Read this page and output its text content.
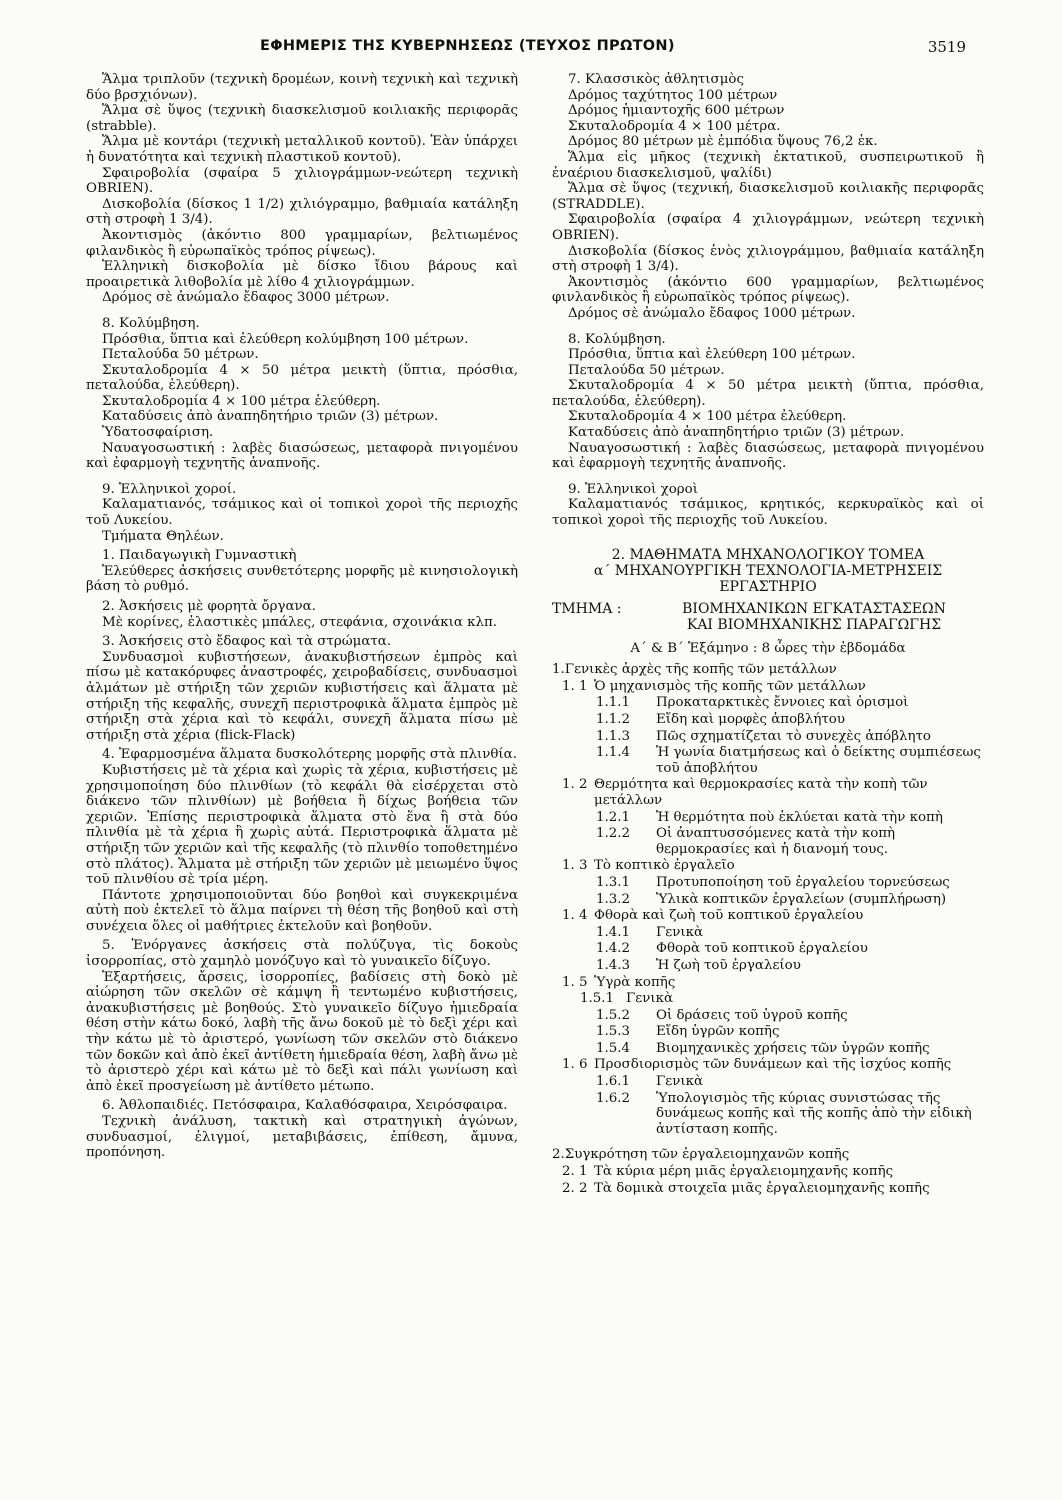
ΕΦΗΜΕΡΙΣ ΤΗΣ ΚΥΒΕΡΝΗΣΕΩΣ (ΤΕΥΧΟΣ ΠΡΩΤΟΝ)	3519

Ἅλμα τριπλοῦν (τεχνικὴ δρομέων, κοινὴ τεχνικὴ καὶ τεχνικὴ δύο βρσχιόνων).

Ἅλμα σὲ ὕψος (τεχνικὴ διασκελισμοῦ κοιλιακῆς περιφορᾶς (strabble).

Ἅλμα μὲ κοντάρι (τεχνικὴ μεταλλικοῦ κοντοῦ). Ἐὰν ὑπάρχει ἡ δυνατότητα καὶ τεχνικὴ πλαστικοῦ κοντοῦ).

Σφαιροβολία (σφαίρα 5 χιλιογράμμων-νεώτερη τεχνικὴ OBRIEN).

Δισκοβολία (δίσκος 1 1/2) χιλιόγραμμο, βαθμιαία κατάληξη στὴ στροφὴ 1 3/4).

Ἀκοντισμὸς (ἀκόντιο 800 γραμμαρίων, βελτιωμένος φιλανδικὸς ἢ εὐρωπαϊκὸς τρόπος ρίψεως).

Ἑλληνικὴ δισκοβολία μὲ δίσκο ἴδιου βάρους καὶ προαιρετικὰ λιθοβολία μὲ λίθο 4 χιλιογράμμων.

Δρόμος σὲ ἀνώμαλο ἔδαφος 3000 μέτρων.

8. Κολύμβηση.

Πρόσθια, ὕπτια καὶ ἐλεύθερη κολύμβηση 100 μέτρων.

Πεταλούδα 50 μέτρων.

Σκυταλοδρομία 4 × 50 μέτρα μεικτὴ (ὕπτια, πρόσθια, πεταλούδα, ἐλεύθερη).

Σκυταλοδρομία 4 × 100 μέτρα ἐλεύθερη.

Καταδύσεις ἀπὸ ἀναπηδητήριο τριῶν (3) μέτρων.

Ὑδατοσφαίριση.

Ναυαγοσωστική : λαβὲς διασώσεως, μεταφορὰ πνιγομένου καὶ ἐφαρμογὴ τεχνητῆς ἀναπνοῆς.

9. Ἑλληνικοὶ χοροί.

Καλαματιανός, τσάμικος καὶ οἱ τοπικοὶ χοροὶ τῆς περιοχῆς τοῦ Λυκείου.

Τμήματα Θηλέων.

1. Παιδαγωγικὴ Γυμναστικὴ

Ἐλεύθερες ἀσκήσεις συνθετότερης μορφῆς μὲ κινησιολογικὴ βάση τὸ ρυθμό.

2. Ἀσκήσεις μὲ φορητὰ ὄργανα.

Μὲ κορίνες, ἐλαστικὲς μπάλες, στεφάνια, σχοινάκια κλπ.

3. Ἀσκήσεις στὸ ἔδαφος καὶ τὰ στρώματα.

Συνδυασμοὶ κυβιστήσεων, ἀνακυβιστήσεων ἐμπρὸς καὶ πίσω μὲ κατακόρυφες ἀναστροφές, χειροβαδίσεις, συνδυασμοὶ ἁλμάτων μὲ στήριξη τῶν χεριῶν κυβιστήσεις καὶ ἅλματα μὲ στήριξη τῆς κεφαλῆς, συνεχῆ περιστροφικὰ ἅλματα ἐμπρὸς μὲ στήριξη στὰ χέρια καὶ τὸ κεφάλι, συνεχῆ ἅλματα πίσω μὲ στήριξη στὰ χέρια (flick-Flack)

4. Ἐφαρμοσμένα ἅλματα δυσκολότερης μορφῆς στὰ πλινθία.

Κυβιστήσεις μὲ τὰ χέρια καὶ χωρὶς τὰ χέρια, κυβιστήσεις μὲ χρησιμοποίηση δύο πλινθίων (τὸ κεφάλι θὰ εἰσέρχεται στὸ διάκενο τῶν πλινθίων) μὲ βοήθεια ἢ δίχως βοήθεια τῶν χεριῶν. Ἐπίσης περιστροφικὰ ἅλματα στὸ ἕνα ἢ στὰ δύο πλινθία μὲ τὰ χέρια ἢ χωρὶς αὐτά. Περιστροφικὰ ἅλματα μὲ στήριξη τῶν χεριῶν καὶ τῆς κεφαλῆς (τὸ πλινθίο τοποθετημένο στὸ πλάτος). Ἅλματα μὲ στήριξη τῶν χεριῶν μὲ μειωμένο ὕψος τοῦ πλινθίου σὲ τρία μέρη.

Πάντοτε χρησιμοποιοῦνται δύο βοηθοὶ καὶ συγκεκριμένα αὐτὴ ποὺ ἐκτελεῖ τὸ ἅλμα παίρνει τὴ θέση τῆς βοηθοῦ καὶ στὴ συνέχεια ὅλες οἱ μαθήτριες ἐκτελοῦν καὶ βοηθοῦν.

5. Ἐνόργανες ἀσκήσεις στὰ πολύζυγα, τὶς δοκοὺς ἰσορροπίας, στὸ χαμηλὸ μονόζυγο καὶ τὸ γυναικεῖο δίζυγο.

Ἐξαρτήσεις, ἄρσεις, ἰσορροπίες, βαδίσεις στὴ δοκὸ μὲ αἰώρηση τῶν σκελῶν σὲ κάμψη ἢ τεντωμένο κυβιστήσεις, ἀνακυβιστήσεις μὲ βοηθούς. Στὸ γυναικεῖο δίζυγο ἡμιεδραία θέση στὴν κάτω δοκό, λαβὴ τῆς ἄνω δοκοῦ μὲ τὸ δεξὶ χέρι καὶ τὴν κάτω μὲ τὸ ἀριστερό, γωνίωση τῶν σκελῶν στὸ διάκενο τῶν δοκῶν καὶ ἀπὸ ἐκεῖ ἀντίθετη ἡμιεδραία θέση, λαβὴ ἄνω μὲ τὸ ἀριστερὸ χέρι καὶ κάτω μὲ τὸ δεξὶ καὶ πάλι γωνίωση καὶ ἀπὸ ἐκεῖ προσγείωση μὲ ἀντίθετο μέτωπο.

6. Ἀθλοπαιδιές. Πετόσφαιρα, Καλαθόσφαιρα, Χειρόσφαιρα.

Τεχνικὴ ἀνάλυση, τακτικὴ καὶ στρατηγικὴ ἀγώνων, συνδυασμοί, ἐλιγμοί, μεταβιβάσεις, ἐπίθεση, ἄμυνα, προπόνηση.

7. Κλασσικὸς ἀθλητισμὸς

Δρόμος ταχύτητος 100 μέτρων

Δρόμος ἡμιαντοχῆς 600 μέτρων

Σκυταλοδρομία 4 × 100 μέτρα.

Δρόμος 80 μέτρων μὲ ἐμπόδια ὕψους 76,2 ἑκ.

Ἅλμα εἰς μῆκος (τεχνικὴ ἐκτατικοῦ, συσπειρωτικοῦ ἢ ἐναέριου διασκελισμοῦ, ψαλίδι)

Ἅλμα σὲ ὕψος (τεχνική, διασκελισμοῦ κοιλιακῆς περιφορᾶς (STRADDLE).

Σφαιροβολία (σφαίρα 4 χιλιογράμμων, νεώτερη τεχνικὴ OBRIEN).

Δισκοβολία (δίσκος ἑνὸς χιλιογράμμου, βαθμιαία κατάληξη στὴ στροφὴ 1 3/4).

Ἀκοντισμὸς (ἀκόντιο 600 γραμμαρίων, βελτιωμένος φινλανδικὸς ἢ εὐρωπαϊκὸς τρόπος ρίψεως).

Δρόμος σὲ ἀνώμαλο ἔδαφος 1000 μέτρων.

8. Κολύμβηση.

Πρόσθια, ὕπτια καὶ ἐλεύθερη 100 μέτρων.

Πεταλούδα 50 μέτρων.

Σκυταλοδρομία 4 × 50 μέτρα μεικτὴ (ὕπτια, πρόσθια, πεταλούδα, ἐλεύθερη).

Σκυταλοδρομία 4 × 100 μέτρα ἐλεύθερη.

Καταδύσεις ἀπὸ ἀναπηδητήριο τριῶν (3) μέτρων.

Ναυαγοσωστική : λαβὲς διασώσεως, μεταφορὰ πνιγομένου καὶ ἐφαρμογὴ τεχνητῆς ἀναπνοῆς.

9. Ἑλληνικοὶ χοροὶ

Καλαματιανός τσάμικος, κρητικός, κερκυραϊκὸς καὶ οἱ τοπικοὶ χοροὶ τῆς περιοχῆς τοῦ Λυκείου.

2. ΜΑΘΗΜΑΤΑ ΜΗΧΑΝΟΛΟΓΙΚΟΥ ΤΟΜΕΑ
α΄ ΜΗΧΑΝΟΥΡΓΙΚΗ ΤΕΧΝΟΛΟΓΙΑ-ΜΕΤΡΗΣΕΙΣ
ΕΡΓΑΣΤΗΡΙΟ
ΤΜΗΜΑ :	ΒΙΟΜΗΧΑΝΙΚΩΝ ΕΓΚΑΤΑΣΤΑΣΕΩΝ
ΚΑΙ ΒΙΟΜΗΧΑΝΙΚΗΣ ΠΑΡΑΓΩΓΗΣ
Α΄ & Β΄ Ἑξάμηνο : 8 ὧρες τὴν ἑβδομάδα
1. Γενικὲς ἀρχὲς τῆς κοπῆς τῶν μετάλλων
1. 1 Ὁ μηχανισμὸς τῆς κοπῆς τῶν μετάλλων
1.1.1	Προκαταρκτικὲς ἔννοιες καὶ ὁρισμοὶ
1.1.2	Εἴδη καὶ μορφὲς ἀποβλήτου
1.1.3	Πῶς σχηματίζεται τὸ συνεχὲς ἀπόβλητο
1.1.4	Ἡ γωνία διατμήσεως καὶ ὁ δείκτης συμπιέσεως τοῦ ἀποβλήτου
1. 2 Θερμότητα καὶ θερμοκρασίες κατὰ τὴν κοπὴ τῶν μετάλλων
1.2.1	Ἡ θερμότητα ποὺ ἐκλύεται κατὰ τὴν κοπὴ
1.2.2	Οἱ ἀναπτυσσόμενες κατὰ τὴν κοπὴ θερμοκρασίες καὶ ἡ διανομή τους.
1. 3 Τὸ κοπτικὸ ἐργαλεῖο
1.3.1	Προτυποποίηση τοῦ ἐργαλείου τορνεύσεως
1.3.2	Ὑλικὰ κοπτικῶν ἐργαλείων (συμπλήρωση)
1. 4 Φθορὰ καὶ ζωὴ τοῦ κοπτικοῦ ἐργαλείου
1.4.1	Γενικὰ
1.4.2	Φθορὰ τοῦ κοπτικοῦ ἐργαλείου
1.4.3	Ἡ ζωὴ τοῦ ἐργαλείου
1. 5 Ὑγρὰ κοπῆς
1.5.1 Γενικὰ
1.5.2	Οἱ δράσεις τοῦ ὑγροῦ κοπῆς
1.5.3	Εἴδη ὑγρῶν κοπῆς
1.5.4	Βιομηχανικὲς χρήσεις τῶν ὑγρῶν κοπῆς
1. 6 Προσδιορισμὸς τῶν δυνάμεων καὶ τῆς ἰσχύος κοπῆς
1.6.1	Γενικὰ
1.6.2	Ὑπολογισμὸς τῆς κύριας συνιστώσας τῆς δυνάμεως κοπῆς καὶ τῆς κοπῆς ἀπὸ τὴν εἰδικὴ ἀντίσταση κοπῆς.
2. Συγκρότηση τῶν ἐργαλειομηχανῶν κοπῆς
2. 1 Τὰ κύρια μέρη μιᾶς ἐργαλειομηχανῆς κοπῆς
2. 2 Τὰ δομικὰ στοιχεῖα μιᾶς ἐργαλειομηχανῆς κοπῆς
